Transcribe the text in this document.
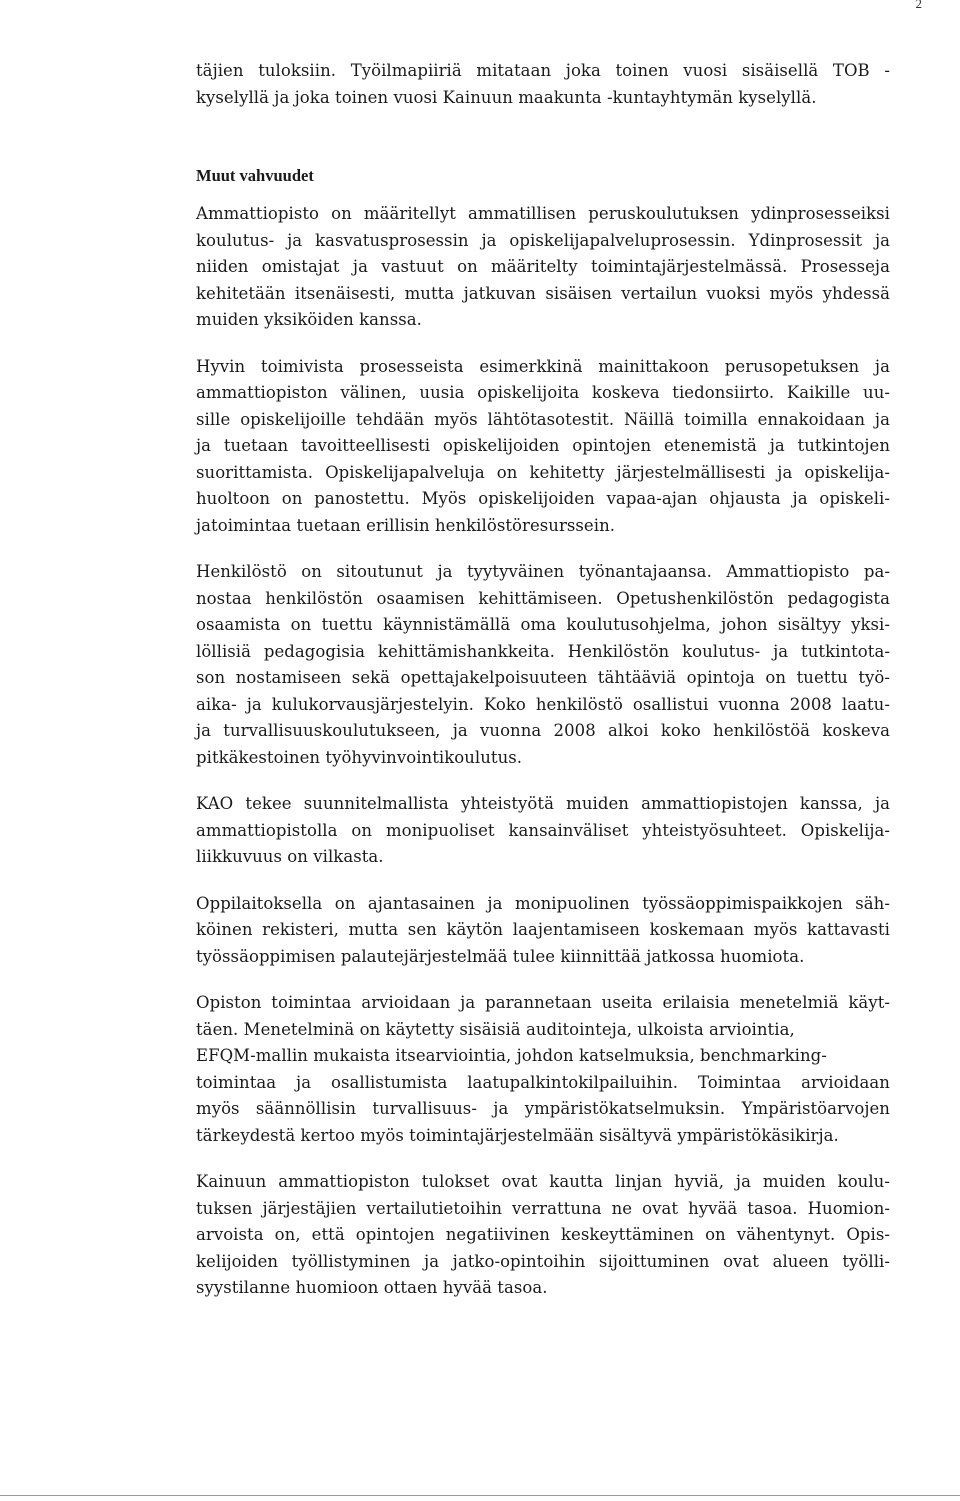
2
täjien tuloksiin. Työilmapiiriä mitataan joka toinen vuosi sisäisellä TOB -
kyselyllä ja joka toinen vuosi Kainuun maakunta -kuntayhtymän kyselyllä.
Muut vahvuudet
Ammattiopisto on määritellyt ammatillisen peruskoulutuksen ydinprosesseiksi
koulutus- ja kasvatusprosessin ja opiskelijapalveluprosessin. Ydinprosessit ja
niiden omistajat ja vastuut on määritelty toimintajärjestelmässä. Prosesseja
kehitetään itsenäisesti, mutta jatkuvan sisäisen vertailun vuoksi myös yhdessä
muiden yksiköiden kanssa.
Hyvin toimivista prosesseista esimerkkinä mainittakoon perusopetuksen ja
ammattiopiston välinen, uusia opiskelijoita koskeva tiedonsiirto. Kaikille uu-
sille opiskelijoille tehdään myös lähtötasotestit. Näillä toimilla ennakoidaan ja
ja tuetaan tavoitteellisesti opiskelijoiden opintojen etenemistä ja tutkintojen
suorittamista. Opiskelijapalveluja on kehitetty järjestelmällisesti ja opiskelija-
huoltoon on panostettu. Myös opiskelijoiden vapaa-ajan ohjausta ja opiskeli-
jatoimintaa tuetaan erillisin henkilöstöresurssein.
Henkilöstö on sitoutunut ja tyytyväinen työnantajaansa. Ammattiopisto pa-
nostaa henkilöstön osaamisen kehittämiseen. Opetushenkilöstön pedagogista
osaamista on tuettu käynnistämällä oma koulutusohjelma, johon sisältyy yksi-
löllisiä pedagogisia kehittämishankkeita. Henkilöstön koulutus- ja tutkintota-
son nostamiseen sekä opettajakelpoisuuteen tähtääviä opintoja on tuettu työ-
aika- ja kulukorvausjärjestelyin. Koko henkilöstö osallistui vuonna 2008 laatu-
ja turvallisuuskoulutukseen, ja vuonna 2008 alkoi koko henkilöstöä koskeva
pitkäkestoinen työhyvinvointikoulutus.
KAO tekee suunnitelmallista yhteistyötä muiden ammattiopistojen kanssa, ja
ammattiopistolla on monipuoliset kansainväliset yhteistyösuhteet. Opiskelija-
liikkuvuus on vilkasta.
Oppilaitoksella on ajantasainen ja monipuolinen työssäoppimispaikkojen säh-
köinen rekisteri, mutta sen käytön laajentamiseen koskemaan myös kattavasti
työssäoppimisen palautejärjestelmää tulee kiinnittää jatkossa huomiota.
Opiston toimintaa arvioidaan ja parannetaan useita erilaisia menetelmiä käyt-
täen. Menetelminä on käytetty sisäisiä auditointeja, ulkoista arviointia,
EFQM-mallin mukaista itsearviointia, johdon katselmuksia, benchmarking-
toimintaa ja osallistumista laatupalkintokilpailuihin. Toimintaa arvioidaan
myös säännöllisin turvallisuus- ja ympäristökatselmuksin. Ympäristöarvojen
tärkeydestä kertoo myös toimintajärjestelmään sisältyvä ympäristökäsikirja.
Kainuun ammattiopiston tulokset ovat kautta linjan hyviä, ja muiden koulu-
tuksen järjestäjien vertailutietoihin verrattuna ne ovat hyvää tasoa. Huomion-
arvoista on, että opintojen negatiivinen keskeyttäminen on vähentynyt. Opis-
kelijoiden työllistyminen ja jatko-opintoihin sijoittuminen ovat alueen työlli-
syystilanne huomioon ottaen hyvää tasoa.
